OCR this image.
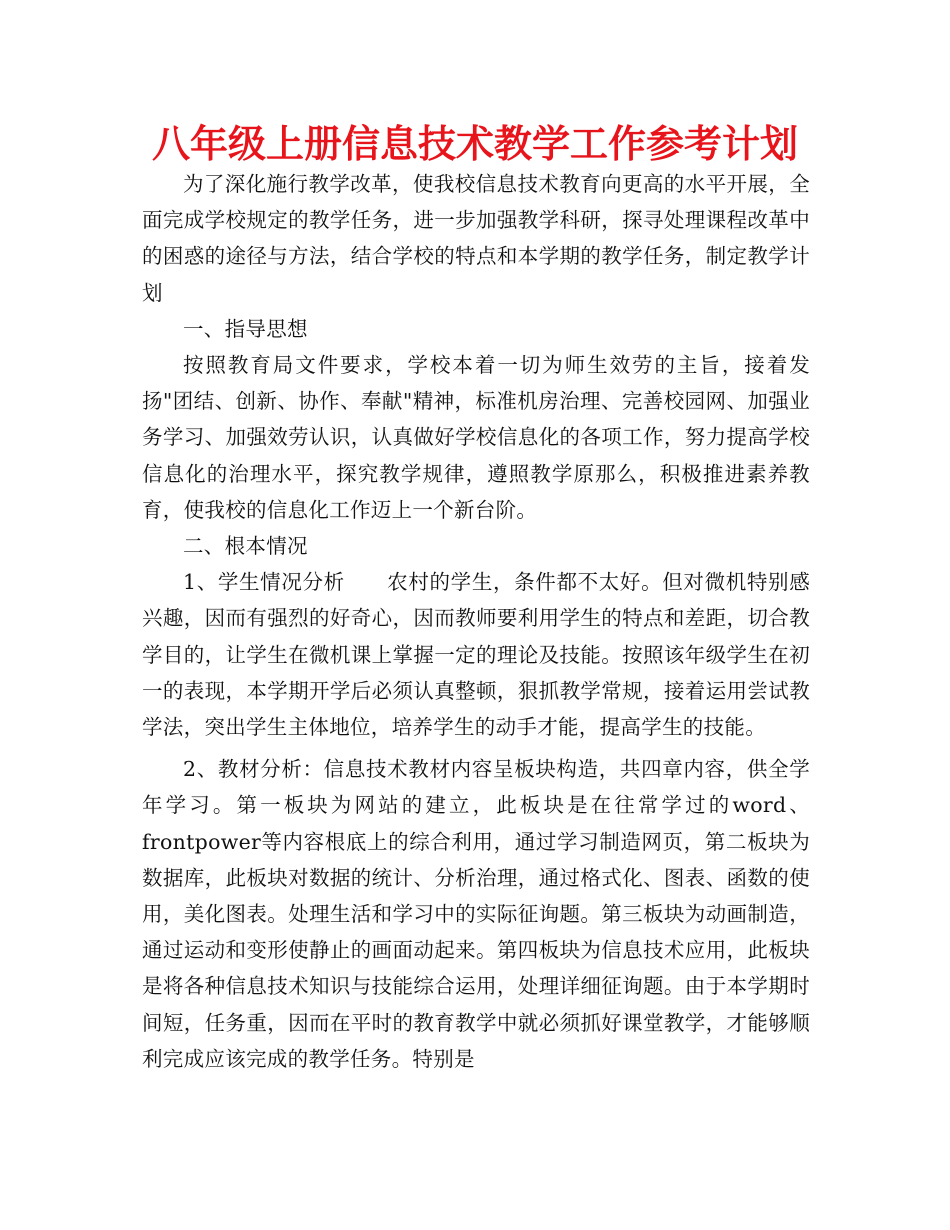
八年级上册信息技术教学工作参考计划

为了深化施行教学改革，使我校信息技术教育向更高的水平开展，全面完成学校规定的教学任务，进一步加强教学科研，探寻处理课程改革中的困惑的途径与方法，结合学校的特点和本学期的教学任务，制定教学计划

一、指导思想

按照教育局文件要求，学校本着一切为师生效劳的主旨，接着发扬"团结、创新、协作、奉献"精神，标准机房治理、完善校园网、加强业务学习、加强效劳认识，认真做好学校信息化的各项工作，努力提高学校信息化的治理水平，探究教学规律，遵照教学原那么，积极推进素养教育，使我校的信息化工作迈上一个新台阶。

二、根本情况

1、学生情况分析 农村的学生，条件都不太好。但对微机特别感兴趣，因而有强烈的好奇心，因而教师要利用学生的特点和差距，切合教学目的，让学生在微机课上掌握一定的理论及技能。按照该年级学生在初一的表现，本学期开学后必须认真整顿，狠抓教学常规，接着运用尝试教学法，突出学生主体地位，培养学生的动手才能，提高学生的技能。

2、教材分析：信息技术教材内容呈板块构造，共四章内容，供全学年学习。第一板块为网站的建立，此板块是在往常学过的word、frontpower等内容根底上的综合利用，通过学习制造网页，第二板块为数据库，此板块对数据的统计、分析治理，通过格式化、图表、函数的使用，美化图表。处理生活和学习中的实际征询题。第三板块为动画制造，通过运动和变形使静止的画面动起来。第四板块为信息技术应用，此板块是将各种信息技术知识与技能综合运用，处理详细征询题。由于本学期时间短，任务重，因而在平时的教育教学中就必须抓好课堂教学，才能够顺利完成应该完成的教学任务。特别是
